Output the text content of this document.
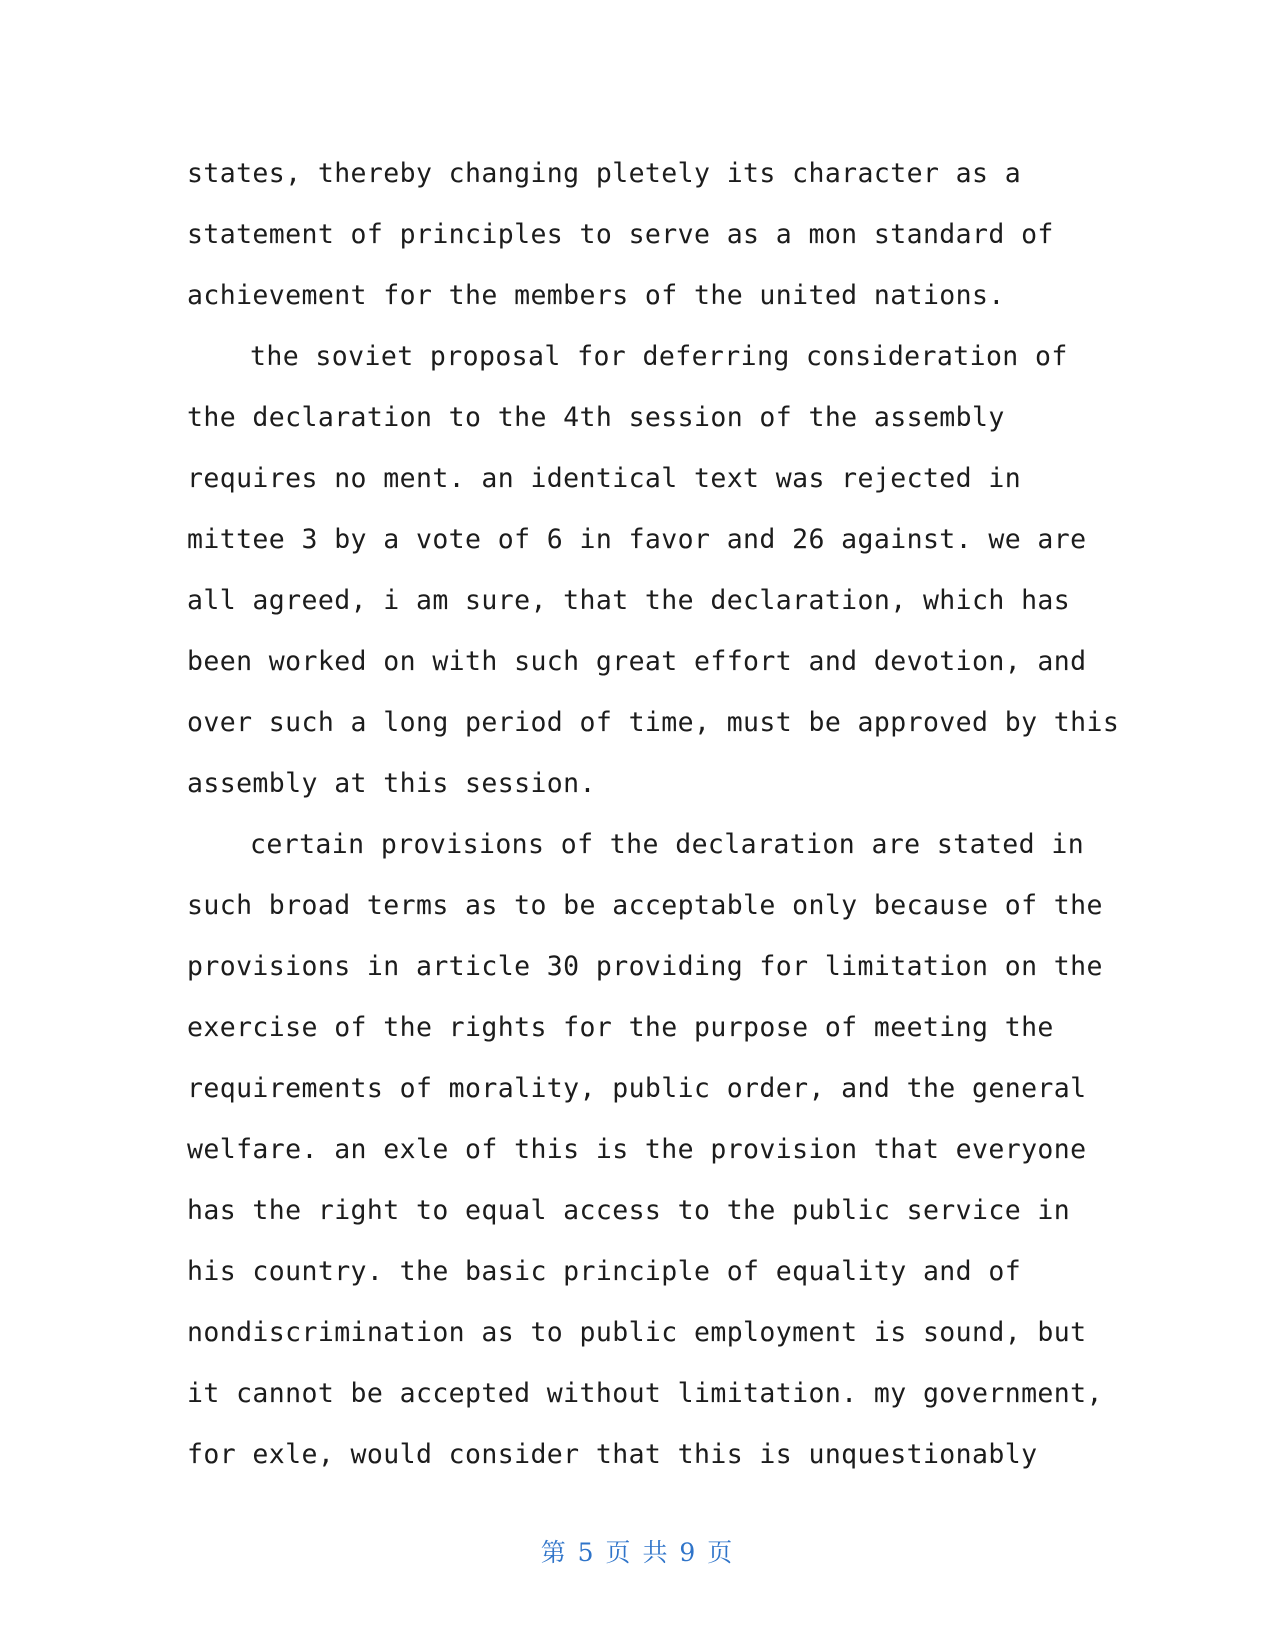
states, thereby changing pletely its character as a
statement of principles to serve as a mon standard of
achievement for the members of the united nations.
the soviet proposal for deferring consideration of
the declaration to the 4th session of the assembly
requires no ment. an identical text was rejected in
mittee 3 by a vote of 6 in favor and 26 against. we are
all agreed, i am sure, that the declaration, which has
been worked on with such great effort and devotion, and
over such a long period of time, must be approved by this
assembly at this session.
certain provisions of the declaration are stated in
such broad terms as to be acceptable only because of the
provisions in article 30 providing for limitation on the
exercise of the rights for the purpose of meeting the
requirements of morality, public order, and the general
welfare. an exle of this is the provision that everyone
has the right to equal access to the public service in
his country. the basic principle of equality and of
nondiscrimination as to public employment is sound, but
it cannot be accepted without limitation. my government,
for exle, would consider that this is unquestionably
第 5 页 共 9 页
